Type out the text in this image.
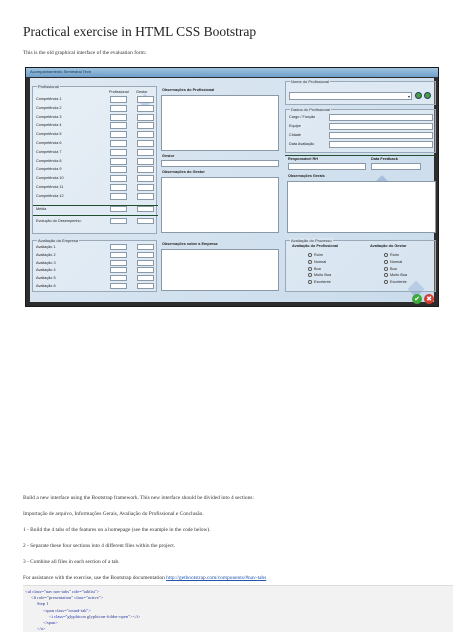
Practical exercise in HTML CSS Bootstrap

This is the old graphical interface of the evaluation form:

Acompanhamento Semestral Tech
Profissional
Profissional Gestor
Competência 1
Competência 2
Competência 3
Competência 4
Competência 5
Competência 6
Competência 7
Competência 8
Competência 9
Competência 10
Competência 11
Competência 12
Média
Evolução do Desempenho:
Observações do Profissional
Gestor
Observações do Gestor
Nome do Profissional
▾
Dados do Profissional
Cargo / Função
Equipe
Cidade
Data Avaliação
Responsável RH	Data Feedback
Observações Gerais
Avaliação da Empresa
Avaliação 1
Avaliação 2
Avaliação 3
Avaliação 4
Avaliação 5
Avaliação 6
Observações sobre a Empresa
Avaliação do Processo
Avaliação do Profissional	Avaliação do Gestor
Ruim	Ruim
Normal	Normal
Boa	Boa
Muito Boa	Muito Boa
Excelente	Excelente
✔ ✖

Build a new interface using the Bootstrap framework. This new interface should be divided into 4 sections:

Importação de arquivo, Informações Gerais, Avaliação do Profissional e Conclusão.

1 - Build the 4 tabs of the features on a homepage (see the example in the code below).

2 - Separate these four sections into 4 different files within the project.

3 - Combine all files in each section of a tab.

For assistance with the exercise, use the Bootstrap documentation http://getbootstrap.com/components/#nav-tabs

<ul class="nav nav-tabs" role="tablist">
<li role="presentation" class="active">
Step 1
<span class="round-tab">
<i class="glyphicon glyphicon-folder-open"></i>
</span>
</a>
